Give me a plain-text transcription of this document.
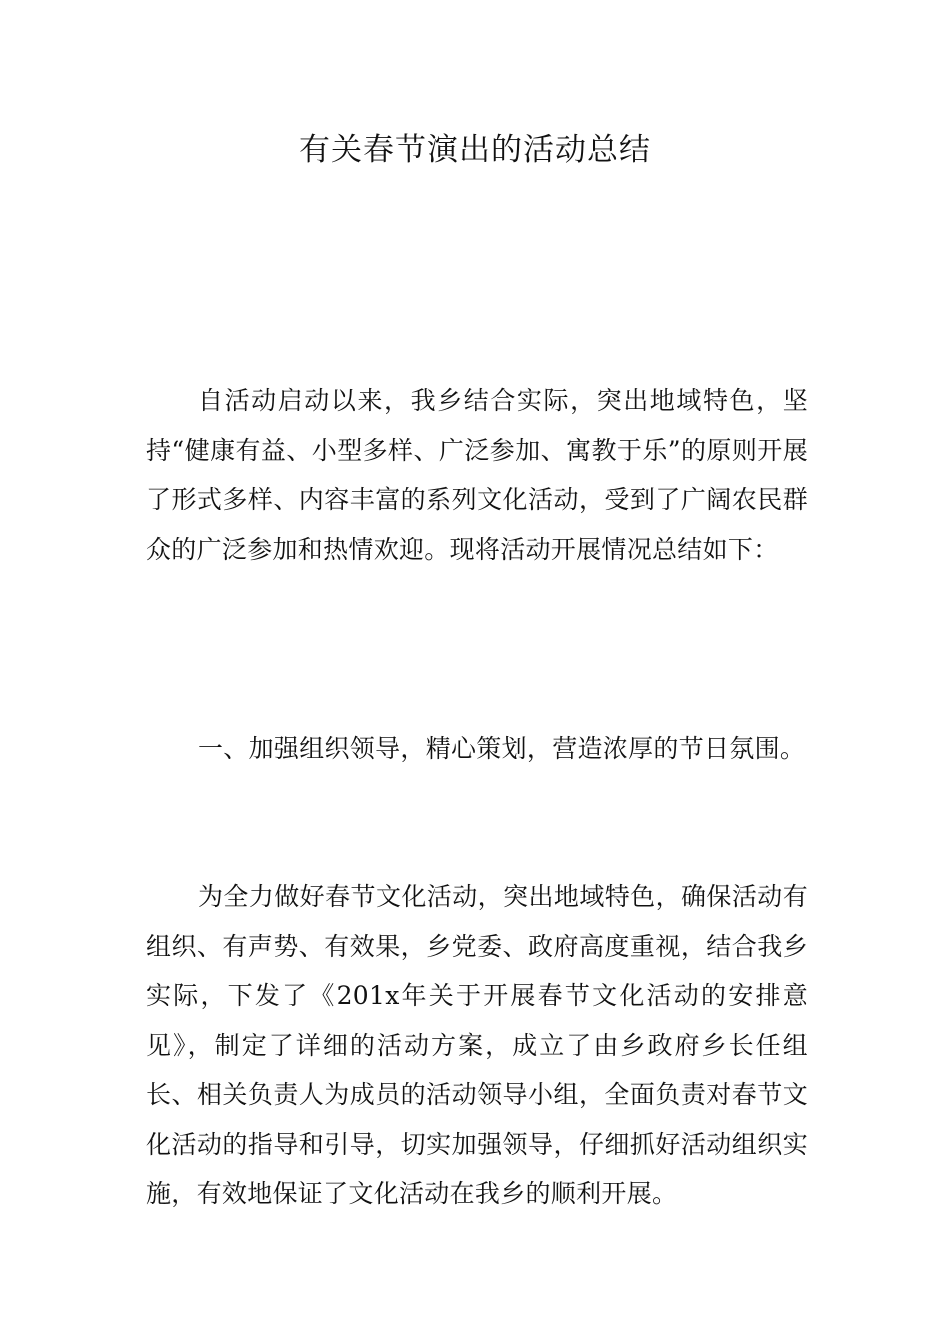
有关春节演出的活动总结

自活动启动以来，我乡结合实际，突出地域特色，坚持“健康有益、小型多样、广泛参加、寓教于乐”的原则开展了形式多样、内容丰富的系列文化活动，受到了广阔农民群众的广泛参加和热情欢迎。现将活动开展情况总结如下：

一、加强组织领导，精心策划，营造浓厚的节日氛围。

为全力做好春节文化活动，突出地域特色，确保活动有组织、有声势、有效果，乡党委、政府高度重视，结合我乡实际，下发了《201x年关于开展春节文化活动的安排意见》，制定了详细的活动方案，成立了由乡政府乡长任组长、相关负责人为成员的活动领导小组，全面负责对春节文化活动的指导和引导，切实加强领导，仔细抓好活动组织实施，有效地保证了文化活动在我乡的顺利开展。
